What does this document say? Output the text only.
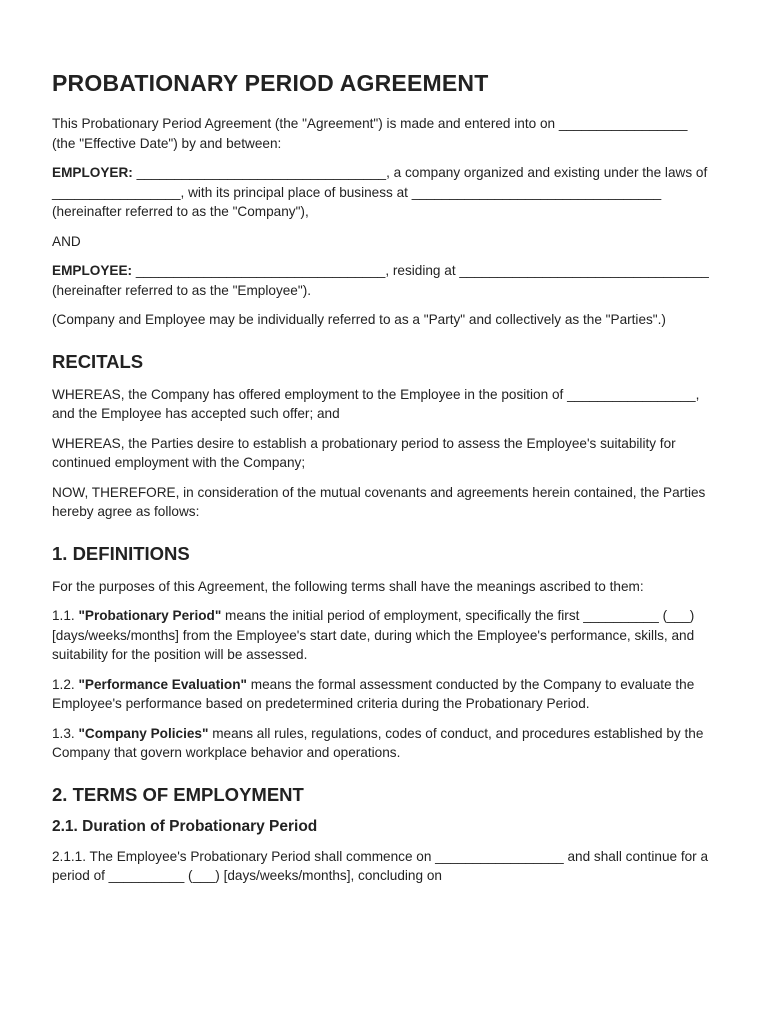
PROBATIONARY PERIOD AGREEMENT

This Probationary Period Agreement (the "Agreement") is made and entered into on _________________ (the "Effective Date") by and between:

EMPLOYER: _________________________________, a company organized and existing under the laws of _________________, with its principal place of business at _________________________________ (hereinafter referred to as the "Company"),

AND

EMPLOYEE: _________________________________, residing at _________________________________ (hereinafter referred to as the "Employee").

(Company and Employee may be individually referred to as a "Party" and collectively as the "Parties".)

RECITALS

WHEREAS, the Company has offered employment to the Employee in the position of _________________, and the Employee has accepted such offer; and

WHEREAS, the Parties desire to establish a probationary period to assess the Employee's suitability for continued employment with the Company;

NOW, THEREFORE, in consideration of the mutual covenants and agreements herein contained, the Parties hereby agree as follows:

1. DEFINITIONS

For the purposes of this Agreement, the following terms shall have the meanings ascribed to them:

1.1. "Probationary Period" means the initial period of employment, specifically the first __________ (___) [days/weeks/months] from the Employee's start date, during which the Employee's performance, skills, and suitability for the position will be assessed.

1.2. "Performance Evaluation" means the formal assessment conducted by the Company to evaluate the Employee's performance based on predetermined criteria during the Probationary Period.

1.3. "Company Policies" means all rules, regulations, codes of conduct, and procedures established by the Company that govern workplace behavior and operations.

2. TERMS OF EMPLOYMENT
2.1. Duration of Probationary Period

2.1.1. The Employee's Probationary Period shall commence on _________________ and shall continue for a period of __________ (___) [days/weeks/months], concluding on
